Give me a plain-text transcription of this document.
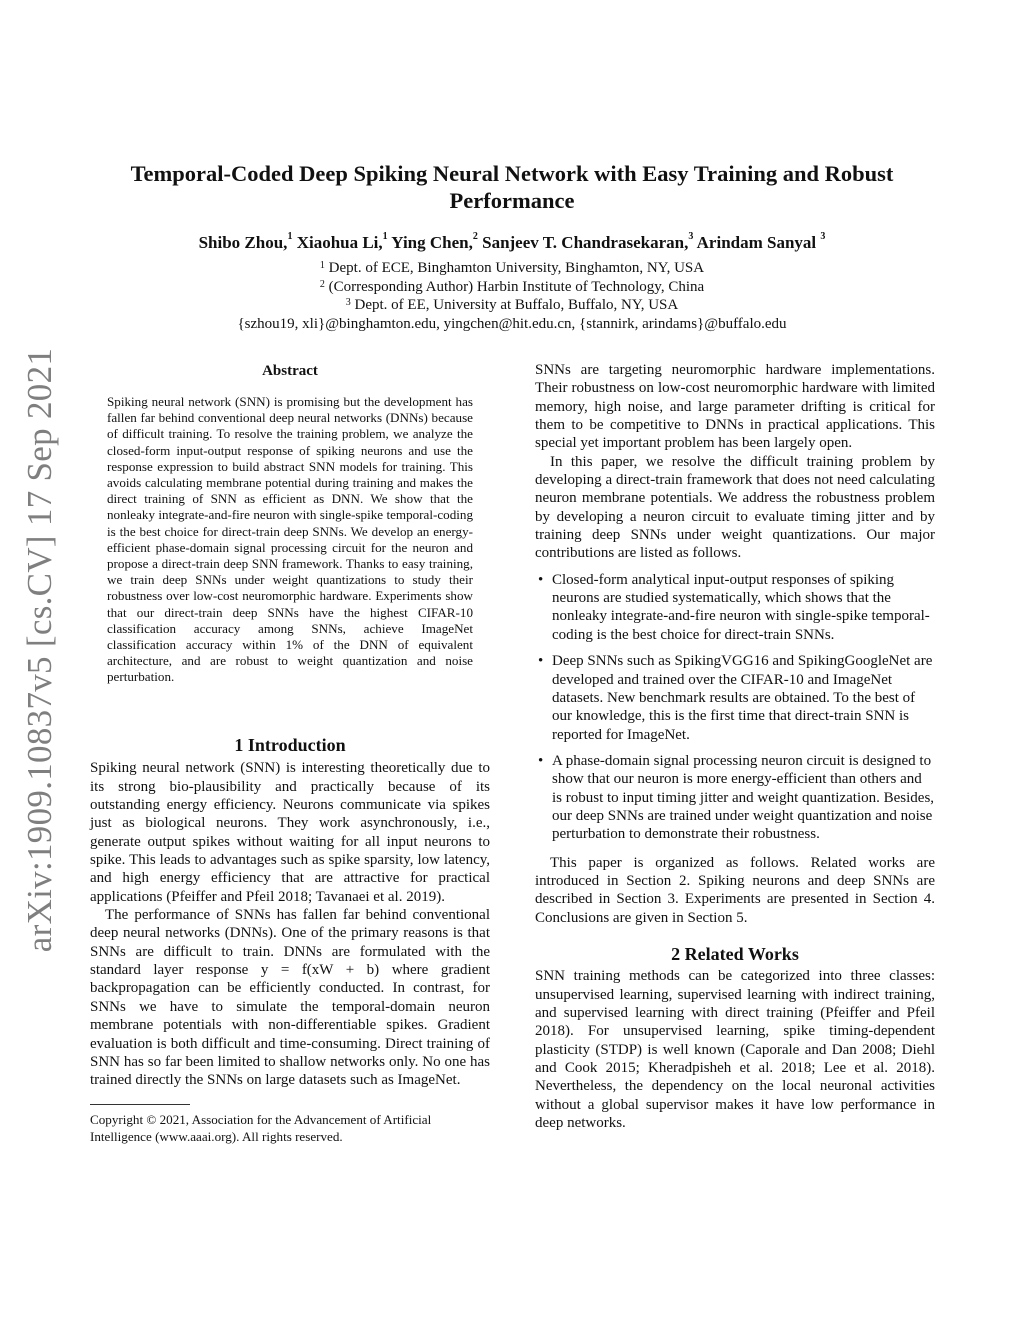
arXiv:1909.10837v5 [cs.CV] 17 Sep 2021
Temporal-Coded Deep Spiking Neural Network with Easy Training and Robust Performance
Shibo Zhou,$^1$ Xiaohua Li,$^1$ Ying Chen,$^2$ Sanjeev T. Chandrasekaran,$^3$ Arindam Sanyal $^3$
$^1$ Dept. of ECE, Binghamton University, Binghamton, NY, USA
$^2$ (Corresponding Author) Harbin Institute of Technology, China
$^3$ Dept. of EE, University at Buffalo, Buffalo, NY, USA
{szhou19, xli}@binghamton.edu, yingchen@hit.edu.cn, {stannirk, arindams}@buffalo.edu
Abstract

Spiking neural network (SNN) is promising but the development has fallen far behind conventional deep neural networks (DNNs) because of difficult training. To resolve the training problem, we analyze the closed-form input-output response of spiking neurons and use the response expression to build abstract SNN models for training. This avoids calculating membrane potential during training and makes the direct training of SNN as efficient as DNN. We show that the nonleaky integrate-and-fire neuron with single-spike temporal-coding is the best choice for direct-train deep SNNs. We develop an energy-efficient phase-domain signal processing circuit for the neuron and propose a direct-train deep SNN framework. Thanks to easy training, we train deep SNNs under weight quantizations to study their robustness over low-cost neuromorphic hardware. Experiments show that our direct-train deep SNNs have the highest CIFAR-10 classification accuracy among SNNs, achieve ImageNet classification accuracy within 1% of the DNN of equivalent architecture, and are robust to weight quantization and noise perturbation.

1 Introduction

Spiking neural network (SNN) is interesting theoretically due to its strong bio-plausibility and practically because of its outstanding energy efficiency. Neurons communicate via spikes just as biological neurons. They work asynchronously, i.e., generate output spikes without waiting for all input neurons to spike. This leads to advantages such as spike sparsity, low latency, and high energy efficiency that are attractive for practical applications (Pfeiffer and Pfeil 2018; Tavanaei et al. 2019).

The performance of SNNs has fallen far behind conventional deep neural networks (DNNs). One of the primary reasons is that SNNs are difficult to train. DNNs are formulated with the standard layer response y = f(xW + b) where gradient backpropagation can be efficiently conducted. In contrast, for SNNs we have to simulate the temporal-domain neuron membrane potentials with non-differentiable spikes. Gradient evaluation is both difficult and time-consuming. Direct training of SNN has so far been limited to shallow networks only. No one has trained directly the SNNs on large datasets such as ImageNet.

Copyright © 2021, Association for the Advancement of Artificial Intelligence (www.aaai.org). All rights reserved.

SNNs are targeting neuromorphic hardware implementations. Their robustness on low-cost neuromorphic hardware with limited memory, high noise, and large parameter drifting is critical for them to be competitive to DNNs in practical applications. This special yet important problem has been largely open.

In this paper, we resolve the difficult training problem by developing a direct-train framework that does not need calculating neuron membrane potentials. We address the robustness problem by developing a neuron circuit to evaluate timing jitter and by training deep SNNs under weight quantizations. Our major contributions are listed as follows.

• Closed-form analytical input-output responses of spiking neurons are studied systematically, which shows that the nonleaky integrate-and-fire neuron with single-spike temporal-coding is the best choice for direct-train SNNs.
• Deep SNNs such as SpikingVGG16 and SpikingGoogleNet are developed and trained over the CIFAR-10 and ImageNet datasets. New benchmark results are obtained. To the best of our knowledge, this is the first time that direct-train SNN is reported for ImageNet.
• A phase-domain signal processing neuron circuit is designed to show that our neuron is more energy-efficient than others and is robust to input timing jitter and weight quantization. Besides, our deep SNNs are trained under weight quantization and noise perturbation to demonstrate their robustness.

This paper is organized as follows. Related works are introduced in Section 2. Spiking neurons and deep SNNs are described in Section 3. Experiments are presented in Section 4. Conclusions are given in Section 5.

2 Related Works

SNN training methods can be categorized into three classes: unsupervised learning, supervised learning with indirect training, and supervised learning with direct training (Pfeiffer and Pfeil 2018). For unsupervised learning, spike timing-dependent plasticity (STDP) is well known (Caporale and Dan 2008; Diehl and Cook 2015; Kheradpisheh et al. 2018; Lee et al. 2018). Nevertheless, the dependency on the local neuronal activities without a global supervisor makes it have low performance in deep networks.
